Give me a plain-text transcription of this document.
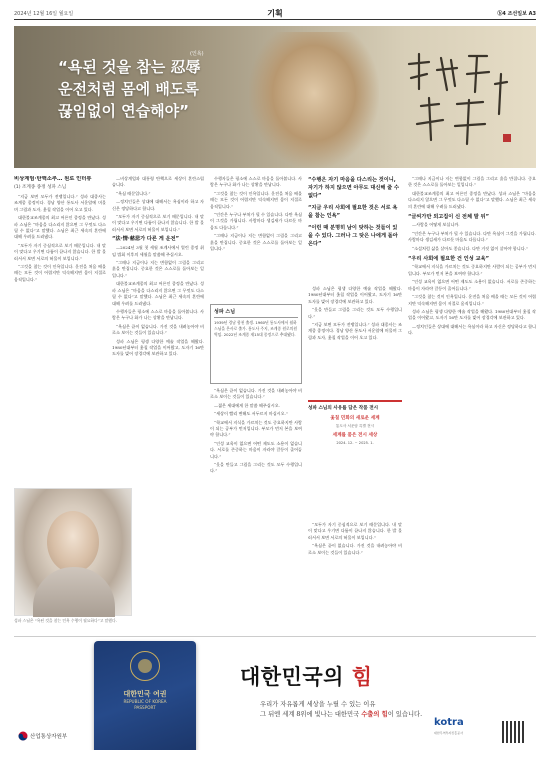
2024년 12월 16일 월요일	기획	ⓑ4 조선일보 A3
“욕된 것을 참는 忍辱
운전처럼 몸에 배도록
끊임없이 연습해야”
(인욕)
비상계엄·탄핵소추… 원로 인터뷰
(1) 조계종 종정 성파 스님

“지금 보면 모두가 전쟁입니다.” 성파 대종사는 조계종 종정이다. 경남 양산 통도사 서운암에 머물며 그림과 도자, 옻칠 작업을 이어 오고 있다.

대한불교조계종의 최고 어른인 종정을 만났다. 성파 스님은 “마음을 다스리지 않으면 그 무엇도 다스릴 수 없다”고 말했다. 스님은 최근 세속의 혼란에 대해 우려를 드러냈다.

“모두가 자기 중심적으로 보기 때문입니다. 내 말이 맞다고 우기면 다툼이 끝나지 않습니다. 한 발 물러서서 보면 서로의 허물이 보입니다.”

“그것을 참는 것이 인욕입니다. 운전을 처음 배울 때는 모든 것이 어렵지만 익숙해지면 몸이 저절로 움직입니다.”

성파 스님은 “욕된 것을 참는 인욕 수행이 필요하다”고 말했다.

—비상계엄과 대통령 탄핵으로 세상이 혼란스럽습니다.

“욕심 때문입니다.”

—정치인들은 상대에 대해서는 욕심이라 하고 자신은 정당하다고 합니다.

“모두가 자기 중심적으로 보기 때문입니다. 내 말이 맞다고 우기면 다툼이 끝나지 않습니다. 한 발 물러서서 보면 서로의 허물이 보입니다.”

“法·情·慈悲가 다른 게 운전”

—2024년 3월 첫 세월 조계사에서 열린 종정 취임 법회 이후의 세월을 말씀해 주십시오.

“그때나 지금이나 저는 변함없이 그림을 그리고 흙을 만집니다. 중요한 것은 스스로를 돌아보는 일입니다.”

대한불교조계종의 최고 어른인 종정을 만났다. 성파 스님은 “마음을 다스리지 않으면 그 무엇도 다스릴 수 없다”고 말했다. 스님은 최근 세속의 혼란에 대해 우려를 드러냈다.

수행자들은 평소에 스스로 마음을 돌아봅니다. 사람은 누구나 화가 나는 상황을 만납니다.

“욕심은 끝이 없습니다. 가진 것을 내려놓아야 비로소 보이는 것들이 있습니다.”

성파 스님은 평생 다양한 예술 작업을 해왔다. 1980년대부터 옻칠 작업을 이어왔고, 도자기 16만 도자를 빚어 장경각에 보관하고 있다.

수행자들은 평소에 스스로 마음을 돌아봅니다. 사람은 누구나 화가 나는 상황을 만납니다.

“그것을 참는 것이 인욕입니다. 운전을 처음 배울 때는 모든 것이 어렵지만 익숙해지면 몸이 저절로 움직입니다.”

“인간은 누구나 부처가 될 수 있습니다. 다만 욕심이 그것을 가립니다. 사람마다 생김새가 다르듯 마음도 다릅니다.”

“그때나 지금이나 저는 변함없이 그림을 그리고 흙을 만집니다. 중요한 것은 스스로를 돌아보는 일입니다.”

성파 스님
1939년 경남 합천 출생. 1960년 통도사에서 월하 스님을 은사로 출가. 통도사 주지, 조계종 원로의원 역임. 2022년 조계종 제15대 종정으로 추대됐다.

“욕심은 끝이 없습니다. 가진 것을 내려놓아야 비로소 보이는 것들이 있습니다.”

—젊은 세대에게 한 말씀 해주십시오.

“세상이 빨리 변해도 서두르지 마십시오.”

“학교에서 지식을 가르치는 것도 중요하지만 사람이 되는 공부가 먼저입니다. 부모가 먼저 본을 보여야 합니다.”

“인성 교육이 없으면 어떤 제도도 소용이 없습니다. 서로를 존중하는 마음이 자라야 갈등이 줄어듭니다.”

“옷을 만들고 그림을 그리는 것도 모두 수행입니다.”

“수행은 자기 마음을 다스리는 것이니, 자기가 하지 않으면 아무도 대신해 줄 수 없다”
“지금 우리 사회에 필요한 것은 서로 욕을 참는 인욕”
“이런 때 분명히 남이 탓하는 것들이 있을 수 있다. 그러나 그 탓은 나에게 돌아온다”

성파 스님은 평생 다양한 예술 작업을 해왔다. 1980년대부터 옻칠 작업을 이어왔고, 도자기 16만 도자를 빚어 장경각에 보관하고 있다.

“옷을 만들고 그림을 그리는 것도 모두 수행입니다.”

“지금 보면 모두가 전쟁입니다.” 성파 대종사는 조계종 종정이다. 경남 양산 통도사 서운암에 머물며 그림과 도자, 옻칠 작업을 이어 오고 있다.

성파 스님의 사유를 담은 작품 전시
옻칠 민화의 새로운 세계
통도사 서운암 특별 전시
세계를 품은 전시 세상
2024. 12. ~ 2025. 1.

“모두가 자기 중심적으로 보기 때문입니다. 내 말이 맞다고 우기면 다툼이 끝나지 않습니다. 한 발 물러서서 보면 서로의 허물이 보입니다.”

“욕심은 끝이 없습니다. 가진 것을 내려놓아야 비로소 보이는 것들이 있습니다.”

“그때나 지금이나 저는 변함없이 그림을 그리고 흙을 만집니다. 중요한 것은 스스로를 돌아보는 일입니다.”

대한불교조계종의 최고 어른인 종정을 만났다. 성파 스님은 “마음을 다스리지 않으면 그 무엇도 다스릴 수 없다”고 말했다. 스님은 최근 세속의 혼란에 대해 우려를 드러냈다.

“글씨가만 외고집이 신 전체 말 뒤”

—사람을 어떻게 보십니까.

“인간은 누구나 부처가 될 수 있습니다. 다만 욕심이 그것을 가립니다. 사람마다 생김새가 다르듯 마음도 다릅니다.”

“소설처럼 삶을 살아도 좋습니다. 다만 거짓 없이 살아야 합니다.”

“우리 사회에 필요한 건 인성 교육”

“학교에서 지식을 가르치는 것도 중요하지만 사람이 되는 공부가 먼저입니다. 부모가 먼저 본을 보여야 합니다.”

“인성 교육이 없으면 어떤 제도도 소용이 없습니다. 서로를 존중하는 마음이 자라야 갈등이 줄어듭니다.”

“그것을 참는 것이 인욕입니다. 운전을 처음 배울 때는 모든 것이 어렵지만 익숙해지면 몸이 저절로 움직입니다.”

성파 스님은 평생 다양한 예술 작업을 해왔다. 1980년대부터 옻칠 작업을 이어왔고, 도자기 16만 도자를 빚어 장경각에 보관하고 있다.

—정치인들은 상대에 대해서는 욕심이라 하고 자신은 정당하다고 합니다.

대한민국 여권
REPUBLIC OF KOREA
PASSPORT
대한민국의 힘
우리가 자유롭게 세상을 누릴 수 있는 이유
그 뒤엔 세계 8위에 빛나는 대한민국 수출의 힘이 있습니다.
산업통상자원부
kotra
대한무역투자진흥공사
